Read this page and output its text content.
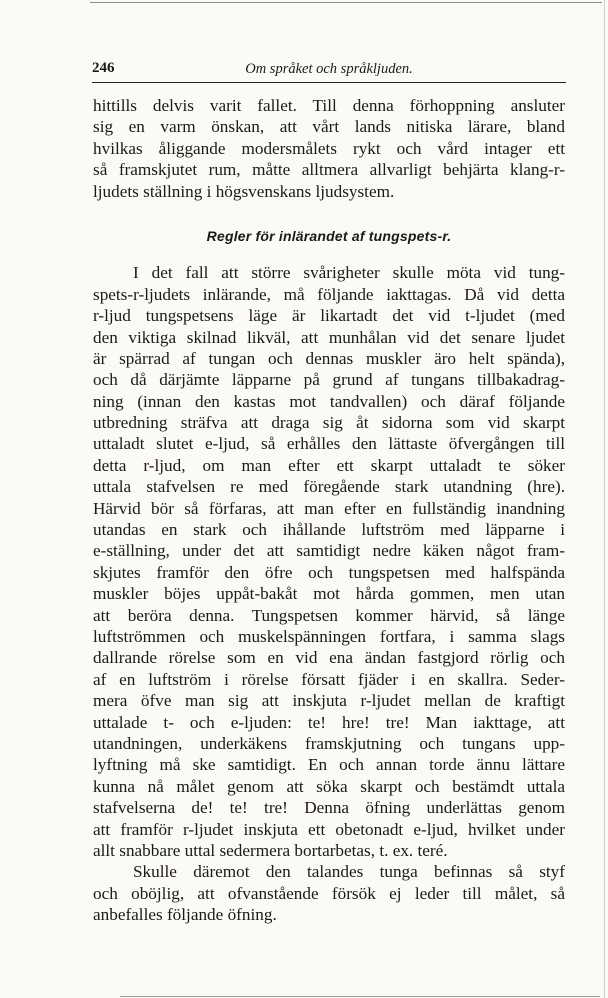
246	Om språket och språkljuden.
hittills delvis varit fallet. Till denna förhoppning ansluter
sig en varm önskan, att vårt lands nitiska lärare, bland
hvilkas åliggande modersmålets rykt och vård intager ett
så framskjutet rum, måtte alltmera allvarligt behjärta klang-r-
ljudets ställning i högsvenskans ljudsystem.
Regler för inlärandet af tungspets-r.
I det fall att större svårigheter skulle möta vid tung-
spets-r-ljudets inlärande, må följande iakttagas. Då vid detta
r-ljud tungspetsens läge är likartadt det vid t-ljudet (med
den viktiga skilnad likväl, att munhålan vid det senare ljudet
är spärrad af tungan och dennas muskler äro helt spända),
och då därjämte läpparne på grund af tungans tillbakadrag-
ning (innan den kastas mot tandvallen) och däraf följande
utbredning sträfva att draga sig åt sidorna som vid skarpt
uttaladt slutet e-ljud, så erhålles den lättaste öfvergången till
detta r-ljud, om man efter ett skarpt uttaladt te söker
uttala stafvelsen re med föregående stark utandning (hre).
Härvid bör så förfaras, att man efter en fullständig inandning
utandas en stark och ihållande luftström med läpparne i
e-ställning, under det att samtidigt nedre käken något fram-
skjutes framför den öfre och tungspetsen med halfspända
muskler böjes uppåt-bakåt mot hårda gommen, men utan
att beröra denna. Tungspetsen kommer härvid, så länge
luftströmmen och muskelspänningen fortfara, i samma slags
dallrande rörelse som en vid ena ändan fastgjord rörlig och
af en luftström i rörelse försatt fjäder i en skallra. Seder-
mera öfve man sig att inskjuta r-ljudet mellan de kraftigt
uttalade t- och e-ljuden: te! hre! tre! Man iakttage, att
utandningen, underkäkens framskjutning och tungans upp-
lyftning må ske samtidigt. En och annan torde ännu lättare
kunna nå målet genom att söka skarpt och bestämdt uttala
stafvelserna de! te! tre! Denna öfning underlättas genom
att framför r-ljudet inskjuta ett obetonadt e-ljud, hvilket under
allt snabbare uttal sedermera bortarbetas, t. ex. teré.
Skulle däremot den talandes tunga befinnas så styf
och oböjlig, att ofvanstående försök ej leder till målet, så
anbefalles följande öfning.
